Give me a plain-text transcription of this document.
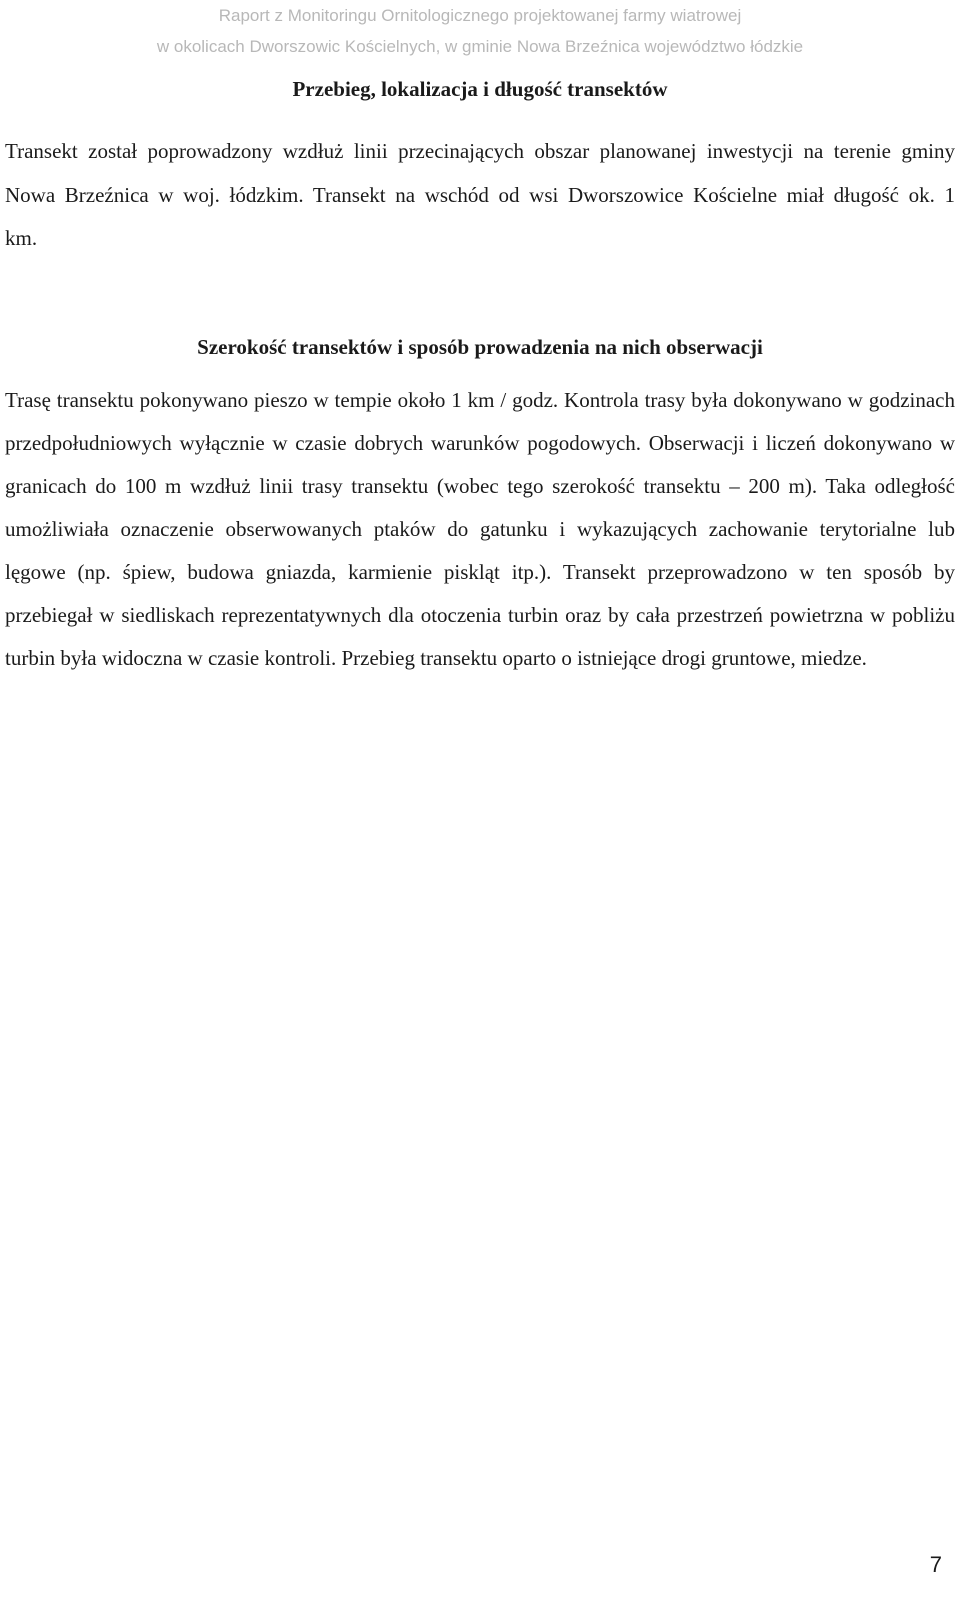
Raport z Monitoringu Ornitologicznego projektowanej farmy wiatrowej
w okolicach Dworszowic Kościelnych, w gminie Nowa Brzeźnica województwo łódzkie
Przebieg, lokalizacja i długość transektów

Transekt został poprowadzony wzdłuż linii przecinających obszar planowanej inwestycji na terenie gminy Nowa Brzeźnica w woj. łódzkim. Transekt na wschód od wsi Dworszowice Kościelne miał długość ok. 1 km.

Szerokość transektów i sposób prowadzenia na nich obserwacji

Trasę transektu pokonywano pieszo w tempie około 1 km / godz. Kontrola trasy była dokonywano w godzinach przedpołudniowych wyłącznie w czasie dobrych warunków pogodowych. Obserwacji i liczeń dokonywano w granicach do 100 m wzdłuż linii trasy transektu (wobec tego szerokość transektu – 200 m). Taka odległość umożliwiała oznaczenie obserwowanych ptaków do gatunku i wykazujących zachowanie terytorialne lub lęgowe (np. śpiew, budowa gniazda, karmienie piskląt itp.). Transekt przeprowadzono w ten sposób by przebiegał w siedliskach reprezentatywnych dla otoczenia turbin oraz by cała przestrzeń powietrzna w pobliżu turbin była widoczna w czasie kontroli. Przebieg transektu oparto o istniejące drogi gruntowe, miedze.

7
